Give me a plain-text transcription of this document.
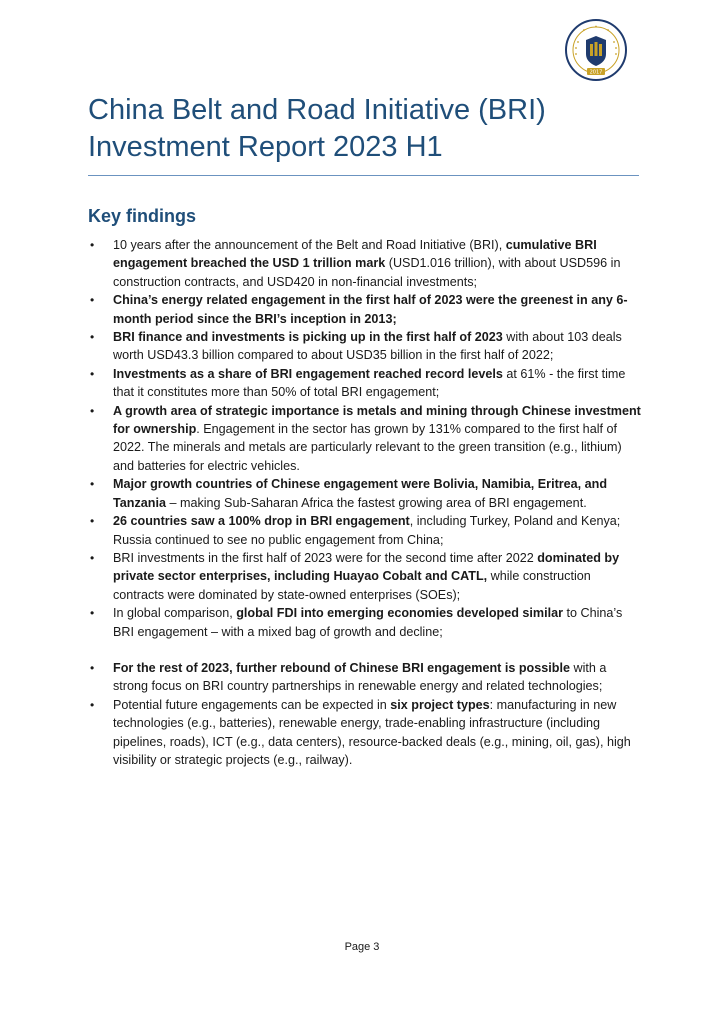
2017
China Belt and Road Initiative (BRI)
Investment Report 2023 H1
Key findings
• 10 years after the announcement of the Belt and Road Initiative (BRI), cumulative BRI engagement breached the USD 1 trillion mark (USD1.016 trillion), with about USD596 in construction contracts, and USD420 in non-financial investments;
• China’s energy related engagement in the first half of 2023 were the greenest in any 6-month period since the BRI’s inception in 2013;
• BRI finance and investments is picking up in the first half of 2023 with about 103 deals worth USD43.3 billion compared to about USD35 billion in the first half of 2022;
• Investments as a share of BRI engagement reached record levels at 61% - the first time that it constitutes more than 50% of total BRI engagement;
• A growth area of strategic importance is metals and mining through Chinese investment for ownership. Engagement in the sector has grown by 131% compared to the first half of 2022. The minerals and metals are particularly relevant to the green transition (e.g., lithium) and batteries for electric vehicles.
• Major growth countries of Chinese engagement were Bolivia, Namibia, Eritrea, and Tanzania – making Sub-Saharan Africa the fastest growing area of BRI engagement.
• 26 countries saw a 100% drop in BRI engagement, including Turkey, Poland and Kenya; Russia continued to see no public engagement from China;
• BRI investments in the first half of 2023 were for the second time after 2022 dominated by private sector enterprises, including Huayao Cobalt and CATL, while construction contracts were dominated by state-owned enterprises (SOEs);
• In global comparison, global FDI into emerging economies developed similar to China’s BRI engagement – with a mixed bag of growth and decline;
• For the rest of 2023, further rebound of Chinese BRI engagement is possible with a strong focus on BRI country partnerships in renewable energy and related technologies;
• Potential future engagements can be expected in six project types: manufacturing in new technologies (e.g., batteries), renewable energy, trade-enabling infrastructure (including pipelines, roads), ICT (e.g., data centers), resource-backed deals (e.g., mining, oil, gas), high visibility or strategic projects (e.g., railway).
Page 3
